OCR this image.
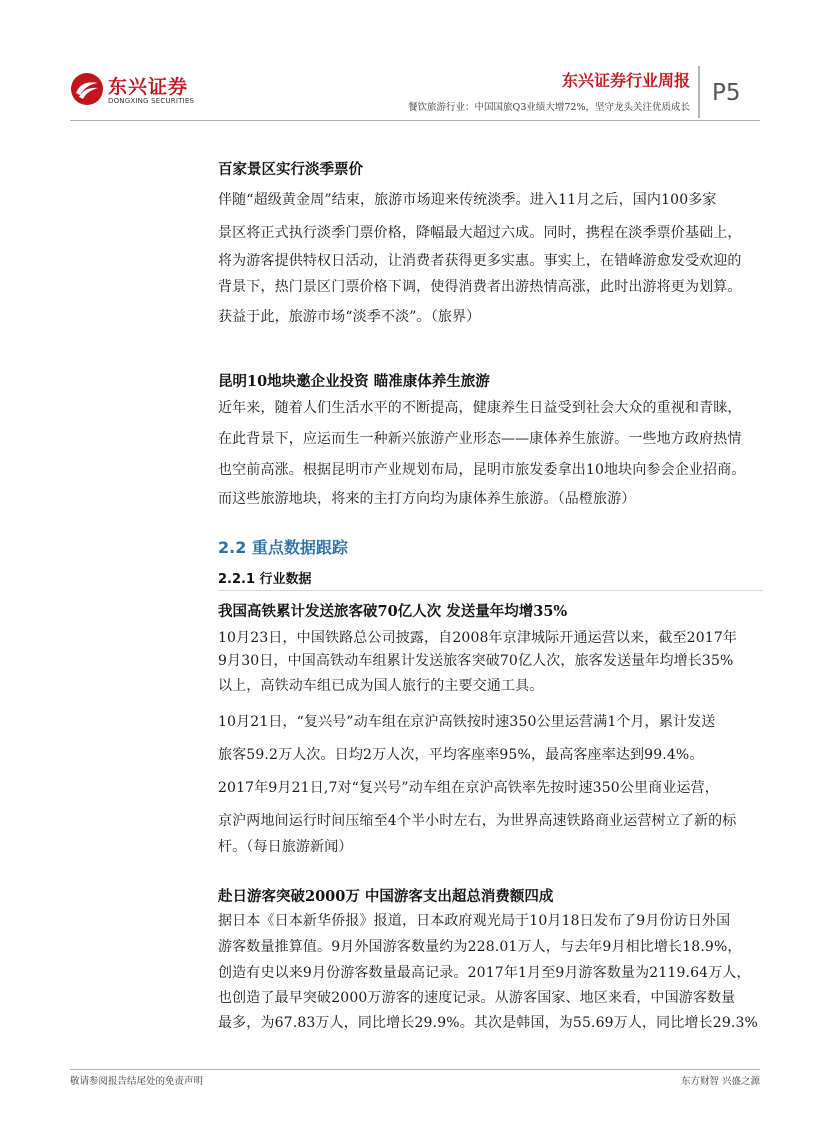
东兴证券
DONGXING SECURITIES
东兴证券行业周报
餐饮旅游行业：中国国旅Q3业绩大增72%，坚守龙头关注优质成长
P5
百家景区实行淡季票价
伴随“超级黄金周”结束，旅游市场迎来传统淡季。进入11月之后，国内100多家
景区将正式执行淡季门票价格，降幅最大超过六成。同时，携程在淡季票价基础上，
将为游客提供特权日活动，让消费者获得更多实惠。事实上，在错峰游愈发受欢迎的
背景下，热门景区门票价格下调，使得消费者出游热情高涨，此时出游将更为划算。
获益于此，旅游市场“淡季不淡”。（旅界）
昆明10地块邀企业投资 瞄准康体养生旅游
近年来，随着人们生活水平的不断提高，健康养生日益受到社会大众的重视和青睐，
在此背景下，应运而生一种新兴旅游产业形态——康体养生旅游。一些地方政府热情
也空前高涨。根据昆明市产业规划布局，昆明市旅发委拿出10地块向参会企业招商。
而这些旅游地块，将来的主打方向均为康体养生旅游。（品橙旅游）
2.2 重点数据跟踪
2.2.1 行业数据
我国高铁累计发送旅客破70亿人次 发送量年均增35%
10月23日，中国铁路总公司披露，自2008年京津城际开通运营以来，截至2017年
9月30日，中国高铁动车组累计发送旅客突破70亿人次，旅客发送量年均增长35%
以上，高铁动车组已成为国人旅行的主要交通工具。
10月21日，“复兴号”动车组在京沪高铁按时速350公里运营满1个月，累计发送
旅客59.2万人次。日均2万人次，平均客座率95%，最高客座率达到99.4%。
2017年9月21日,7对“复兴号”动车组在京沪高铁率先按时速350公里商业运营，
京沪两地间运行时间压缩至4个半小时左右，为世界高速铁路商业运营树立了新的标
杆。（每日旅游新闻）
赴日游客突破2000万 中国游客支出超总消费额四成
据日本《日本新华侨报》报道，日本政府观光局于10月18日发布了9月份访日外国
游客数量推算值。9月外国游客数量约为228.01万人，与去年9月相比增长18.9%，
创造有史以来9月份游客数量最高记录。2017年1月至9月游客数量为2119.64万人，
也创造了最早突破2000万游客的速度记录。从游客国家、地区来看，中国游客数量
最多，为67.83万人，同比增长29.9%。其次是韩国，为55.69万人，同比增长29.3%
敬请参阅报告结尾处的免责声明	东方财智 兴盛之源
